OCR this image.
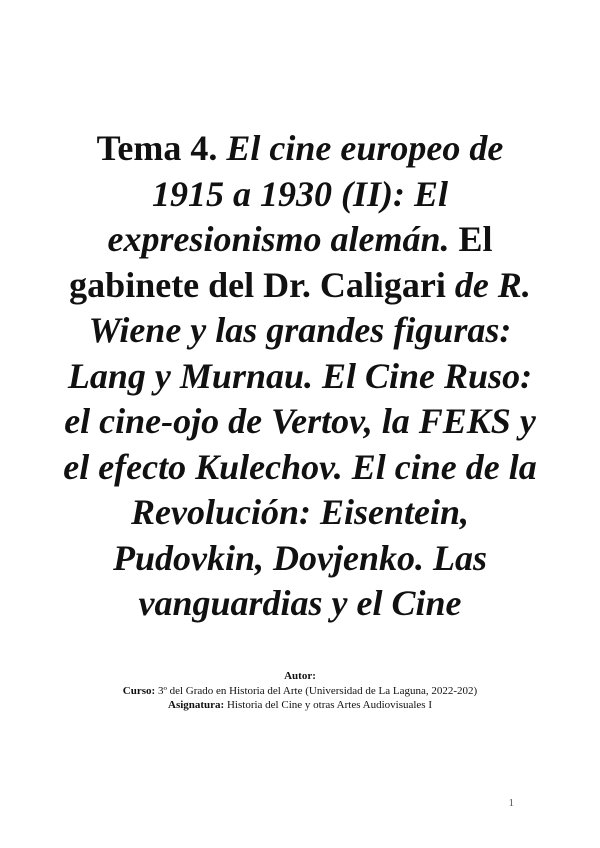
Tema 4. El cine europeo de 1915 a 1930 (II): El expresionismo alemán. El gabinete del Dr. Caligari de R. Wiene y las grandes figuras: Lang y Murnau. El Cine Ruso: el cine-ojo de Vertov, la FEKS y el efecto Kulechov. El cine de la Revolución: Eisentein, Pudovkin, Dovjenko. Las vanguardias y el Cine
Autor:
Curso: 3º del Grado en Historia del Arte (Universidad de La Laguna, 2022-202)
Asignatura: Historia del Cine y otras Artes Audiovisuales I
1
